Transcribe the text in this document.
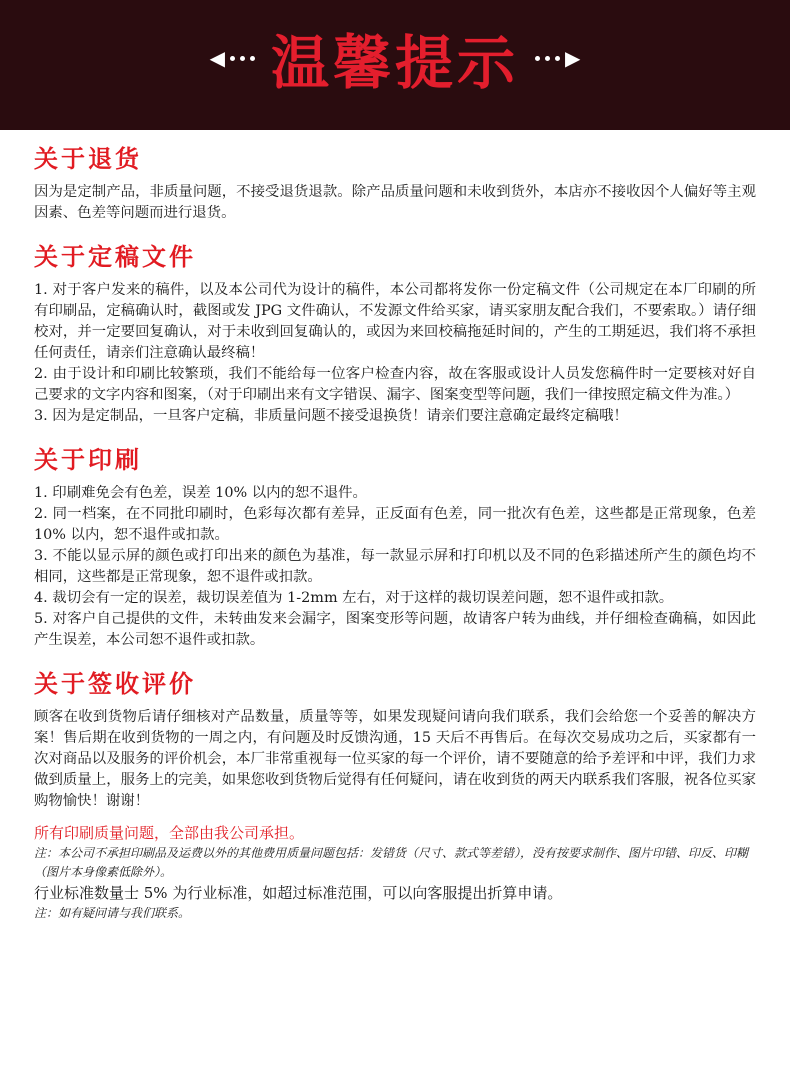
◀ 温馨提示 ▶
关于退货

因为是定制产品，非质量问题，不接受退货退款。除产品质量问题和未收到货外，本店亦不接收因个人偏好等主观因素、色差等问题而进行退货。

关于定稿文件

1. 对于客户发来的稿件，以及本公司代为设计的稿件，本公司都将发你一份定稿文件（公司规定在本厂印刷的所有印刷品，定稿确认时，截图或发 JPG 文件确认，不发源文件给买家，请买家朋友配合我们，不要索取。）请仔细校对，并一定要回复确认，对于未收到回复确认的，或因为来回校稿拖延时间的，产生的工期延迟，我们将不承担任何责任，请亲们注意确认最终稿！

2. 由于设计和印刷比较繁琐，我们不能给每一位客户检查内容，故在客服或设计人员发您稿件时一定要核对好自己要求的文字内容和图案，（对于印刷出来有文字错误、漏字、图案变型等问题，我们一律按照定稿文件为准。）

3. 因为是定制品，一旦客户定稿，非质量问题不接受退换货！请亲们要注意确定最终定稿哦！

关于印刷

1. 印刷难免会有色差，误差 10% 以内的恕不退件。

2. 同一档案，在不同批印刷时，色彩每次都有差异，正反面有色差，同一批次有色差，这些都是正常现象，色差 10% 以内，恕不退件或扣款。

3. 不能以显示屏的颜色或打印出来的颜色为基准，每一款显示屏和打印机以及不同的色彩描述所产生的颜色均不相同，这些都是正常现象，恕不退件或扣款。

4. 裁切会有一定的误差，裁切误差值为 1-2mm 左右，对于这样的裁切误差问题，恕不退件或扣款。

5. 对客户自己提供的文件，未转曲发来会漏字，图案变形等问题，故请客户转为曲线，并仔细检查确稿，如因此产生误差，本公司恕不退件或扣款。

关于签收评价

顾客在收到货物后请仔细核对产品数量，质量等等，如果发现疑问请向我们联系，我们会给您一个妥善的解决方案！售后期在收到货物的一周之内，有问题及时反馈沟通，15 天后不再售后。在每次交易成功之后，买家都有一次对商品以及服务的评价机会，本厂非常重视每一位买家的每一个评价，请不要随意的给予差评和中评，我们力求做到质量上，服务上的完美，如果您收到货物后觉得有任何疑问，请在收到货的两天内联系我们客服，祝各位买家购物愉快！谢谢！

所有印刷质量问题，全部由我公司承担。

注：本公司不承担印刷品及运费以外的其他费用质量问题包括：发错货（尺寸、款式等差错），没有按要求制作、图片印错、印反、印糊（图片本身像素低除外）。

行业标准数量士 5% 为行业标准，如超过标准范围，可以向客服提出折算申请。

注：如有疑问请与我们联系。
